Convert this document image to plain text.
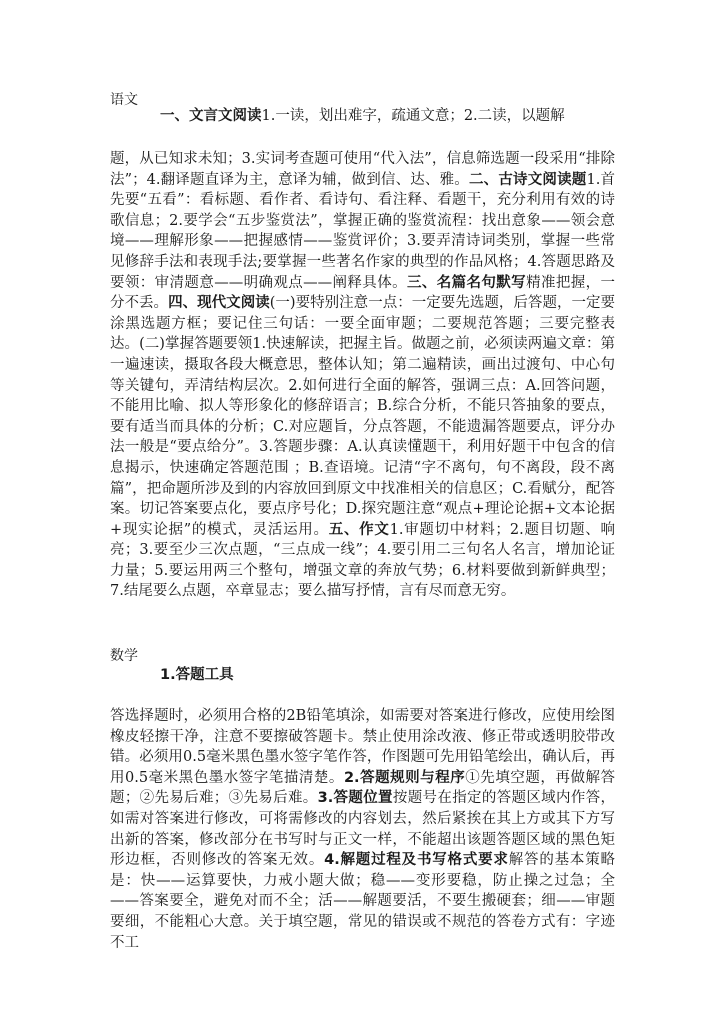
语文
一、文言文阅读1.一读，划出难字，疏通文意；2.二读，以题解
题，从已知求未知；3.实词考查题可使用“代入法”，信息筛选题一段采用“排除法”；4.翻译题直译为主，意译为辅，做到信、达、雅。二、古诗文阅读题1.首先要“五看”：看标题、看作者、看诗句、看注释、看题干，充分利用有效的诗歌信息；2.要学会“五步鉴赏法”，掌握正确的鉴赏流程：找出意象——领会意境——理解形象——把握感情——鉴赏评价；3.要弄清诗词类别，掌握一些常见修辞手法和表现手法;要掌握一些著名作家的典型的作品风格；4.答题思路及要领：审清题意——明确观点——阐释具体。三、名篇名句默写精准把握，一分不丢。四、现代文阅读(一)要特别注意一点：一定要先选题，后答题，一定要涂黑选题方框；要记住三句话：一要全面审题；二要规范答题；三要完整表达。(二)掌握答题要领1.快速解读，把握主旨。做题之前，必须读两遍文章：第一遍速读，摄取各段大概意思，整体认知；第二遍精读，画出过渡句、中心句等关键句，弄清结构层次。2.如何进行全面的解答，强调三点：A.回答问题，不能用比喻、拟人等形象化的修辞语言；B.综合分析，不能只答抽象的要点，要有适当而具体的分析；C.对应题旨，分点答题，不能遗漏答题要点，评分办法一般是“要点给分”。3.答题步骤：A.认真读懂题干，利用好题干中包含的信息揭示，快速确定答题范围 ；B.查语境。记清“字不离句，句不离段，段不离篇”，把命题所涉及到的内容放回到原文中找准相关的信息区；C.看赋分，配答案。切记答案要点化，要点序号化；D.探究题注意“观点+理论论据+文本论据+现实论据”的模式，灵活运用。五、作文1.审题切中材料；2.题目切题、响亮；3.要至少三次点题，“三点成一线”；4.要引用二三句名人名言，增加论证力量；5.要运用两三个整句，增强文章的奔放气势；6.材料要做到新鲜典型；7.结尾要么点题，卒章显志；要么描写抒情，言有尽而意无穷。
数学
1.答题工具
答选择题时，必须用合格的2B铅笔填涂，如需要对答案进行修改，应使用绘图橡皮轻擦干净，注意不要擦破答题卡。禁止使用涂改液、修正带或透明胶带改错。必须用0.5毫米黑色墨水签字笔作答，作图题可先用铅笔绘出，确认后，再用0.5毫米黑色墨水签字笔描清楚。2.答题规则与程序①先填空题，再做解答题；②先易后难；③先易后难。3.答题位置按题号在指定的答题区域内作答，如需对答案进行修改，可将需修改的内容划去，然后紧挨在其上方或其下方写出新的答案，修改部分在书写时与正文一样，不能超出该题答题区域的黑色矩形边框，否则修改的答案无效。4.解题过程及书写格式要求解答的基本策略是：快——运算要快，力戒小题大做；稳——变形要稳，防止操之过急；全——答案要全，避免对而不全；活——解题要活，不要生搬硬套；细——审题要细，不能粗心大意。关于填空题，常见的错误或不规范的答卷方式有：字迹不工
